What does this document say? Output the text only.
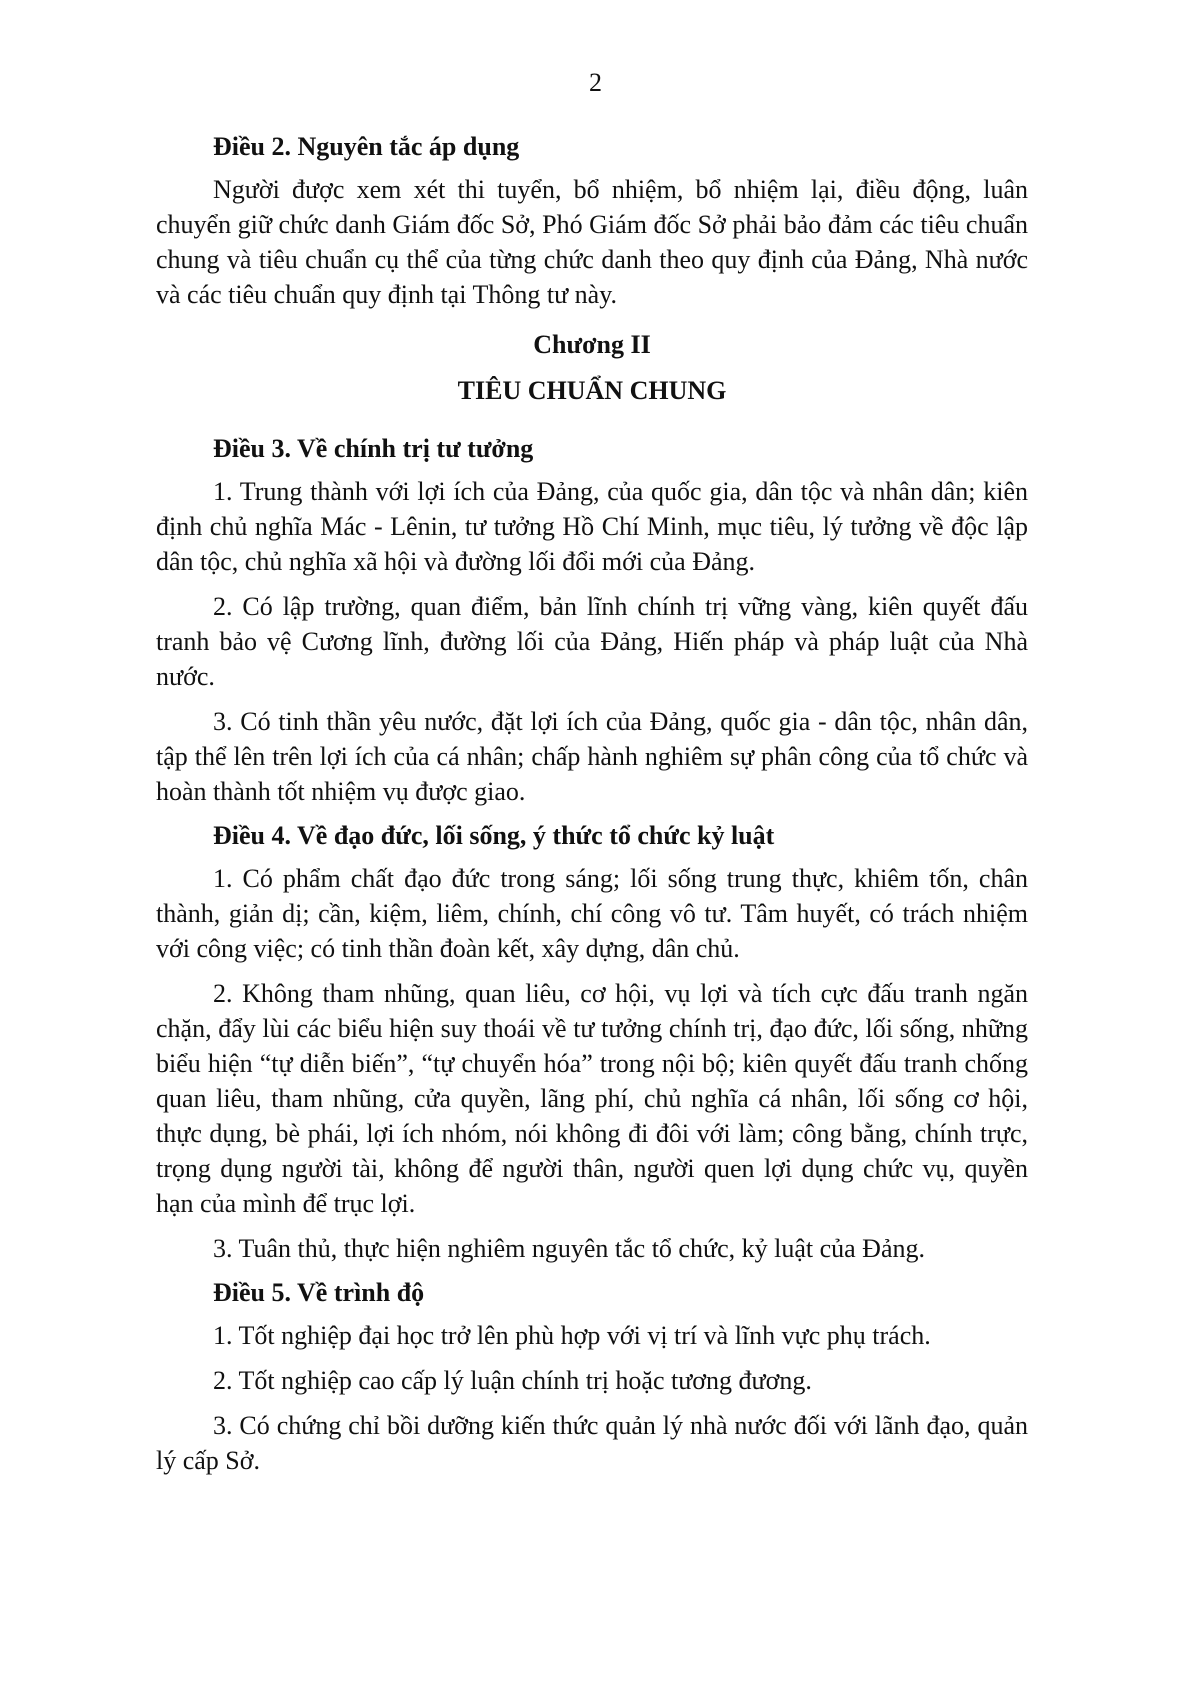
2

Điều 2. Nguyên tắc áp dụng

Người được xem xét thi tuyển, bổ nhiệm, bổ nhiệm lại, điều động, luân chuyển giữ chức danh Giám đốc Sở, Phó Giám đốc Sở phải bảo đảm các tiêu chuẩn chung và tiêu chuẩn cụ thể của từng chức danh theo quy định của Đảng, Nhà nước và các tiêu chuẩn quy định tại Thông tư này.

Chương II

TIÊU CHUẨN CHUNG

Điều 3. Về chính trị tư tưởng

1. Trung thành với lợi ích của Đảng, của quốc gia, dân tộc và nhân dân; kiên định chủ nghĩa Mác - Lênin, tư tưởng Hồ Chí Minh, mục tiêu, lý tưởng về độc lập dân tộc, chủ nghĩa xã hội và đường lối đổi mới của Đảng.

2. Có lập trường, quan điểm, bản lĩnh chính trị vững vàng, kiên quyết đấu tranh bảo vệ Cương lĩnh, đường lối của Đảng, Hiến pháp và pháp luật của Nhà nước.

3. Có tinh thần yêu nước, đặt lợi ích của Đảng, quốc gia - dân tộc, nhân dân, tập thể lên trên lợi ích của cá nhân; chấp hành nghiêm sự phân công của tổ chức và hoàn thành tốt nhiệm vụ được giao.

Điều 4. Về đạo đức, lối sống, ý thức tổ chức kỷ luật

1. Có phẩm chất đạo đức trong sáng; lối sống trung thực, khiêm tốn, chân thành, giản dị; cần, kiệm, liêm, chính, chí công vô tư. Tâm huyết, có trách nhiệm với công việc; có tinh thần đoàn kết, xây dựng, dân chủ.

2. Không tham nhũng, quan liêu, cơ hội, vụ lợi và tích cực đấu tranh ngăn chặn, đẩy lùi các biểu hiện suy thoái về tư tưởng chính trị, đạo đức, lối sống, những biểu hiện “tự diễn biến”, “tự chuyển hóa” trong nội bộ; kiên quyết đấu tranh chống quan liêu, tham nhũng, cửa quyền, lãng phí, chủ nghĩa cá nhân, lối sống cơ hội, thực dụng, bè phái, lợi ích nhóm, nói không đi đôi với làm; công bằng, chính trực, trọng dụng người tài, không để người thân, người quen lợi dụng chức vụ, quyền hạn của mình để trục lợi.

3. Tuân thủ, thực hiện nghiêm nguyên tắc tổ chức, kỷ luật của Đảng.

Điều 5. Về trình độ

1. Tốt nghiệp đại học trở lên phù hợp với vị trí và lĩnh vực phụ trách.

2. Tốt nghiệp cao cấp lý luận chính trị hoặc tương đương.

3. Có chứng chỉ bồi dưỡng kiến thức quản lý nhà nước đối với lãnh đạo, quản lý cấp Sở.
